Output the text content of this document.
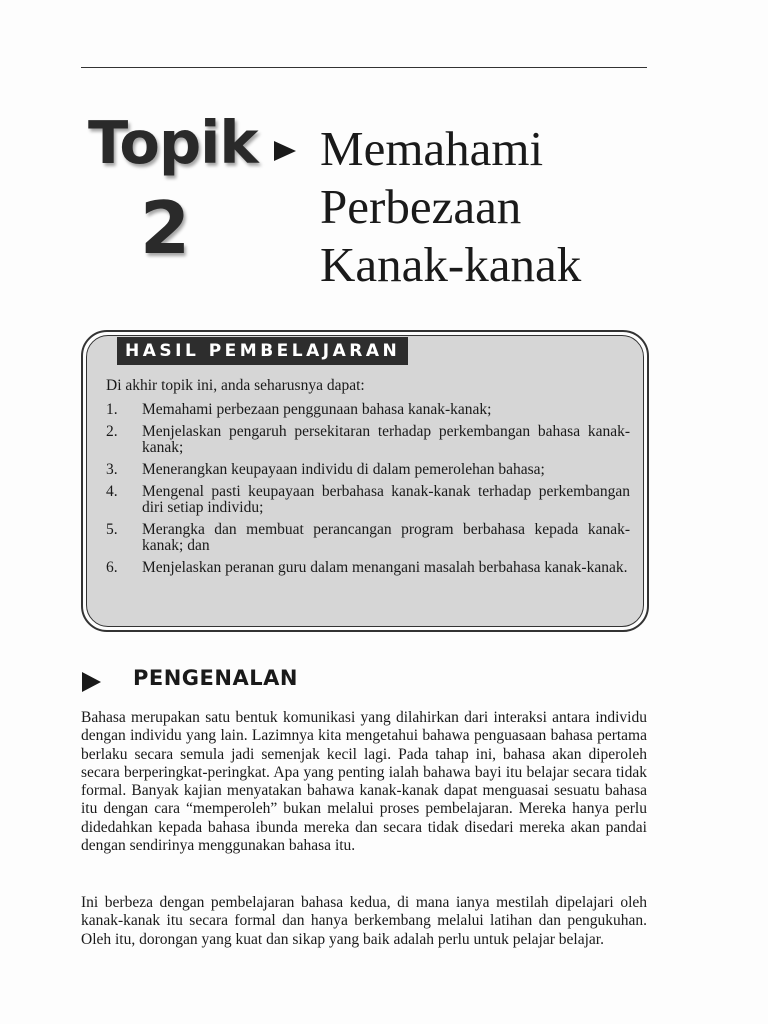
Topik
2
Memahami
Perbezaan
Kanak-kanak
HASIL PEMBELAJARAN

Di akhir topik ini, anda seharusnya dapat:

1.	Memahami perbezaan penggunaan bahasa kanak-kanak;
2.	Menjelaskan pengaruh persekitaran terhadap perkembangan bahasa kanak-kanak;
3.	Menerangkan keupayaan individu di dalam pemerolehan bahasa;
4.	Mengenal pasti keupayaan berbahasa kanak-kanak terhadap perkembangan diri setiap individu;
5.	Merangka dan membuat perancangan program berbahasa kepada kanak-kanak; dan
6.	Menjelaskan peranan guru dalam menangani masalah berbahasa kanak-kanak.
PENGENALAN

Bahasa merupakan satu bentuk komunikasi yang dilahirkan dari interaksi antara individu dengan individu yang lain. Lazimnya kita mengetahui bahawa penguasaan bahasa pertama berlaku secara semula jadi semenjak kecil lagi. Pada tahap ini, bahasa akan diperoleh secara berperingkat-peringkat. Apa yang penting ialah bahawa bayi itu belajar secara tidak formal. Banyak kajian menyatakan bahawa kanak-kanak dapat menguasai sesuatu bahasa itu dengan cara “memperoleh” bukan melalui proses pembelajaran. Mereka hanya perlu didedahkan kepada bahasa ibunda mereka dan secara tidak disedari mereka akan pandai dengan sendirinya menggunakan bahasa itu.

Ini berbeza dengan pembelajaran bahasa kedua, di mana ianya mestilah dipelajari oleh kanak-kanak itu secara formal dan hanya berkembang melalui latihan dan pengukuhan. Oleh itu, dorongan yang kuat dan sikap yang baik adalah perlu untuk pelajar belajar.
